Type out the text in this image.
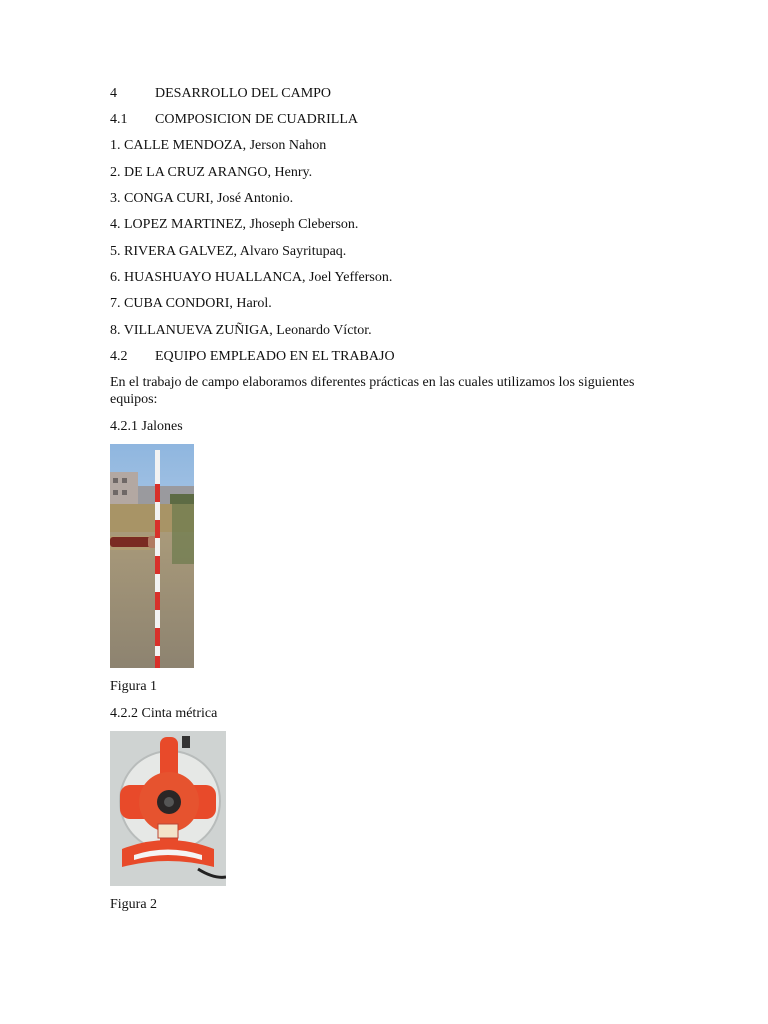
4	DESARROLLO DEL CAMPO
4.1 COMPOSICION DE CUADRILLA
1. CALLE MENDOZA, Jerson Nahon
2. DE LA CRUZ ARANGO, Henry.
3. CONGA CURI, José Antonio.
4. LOPEZ MARTINEZ, Jhoseph Cleberson.
5. RIVERA GALVEZ, Alvaro Sayritupaq.
6. HUASHUAYO HUALLANCA, Joel Yefferson.
7. CUBA CONDORI, Harol.
8. VILLANUEVA ZUÑIGA, Leonardo Víctor.
4.2 EQUIPO EMPLEADO EN EL TRABAJO
En el trabajo de campo elaboramos diferentes prácticas en las cuales utilizamos los siguientes equipos:
4.2.1 Jalones
Figura 1
4.2.2 Cinta métrica
Figura 2
